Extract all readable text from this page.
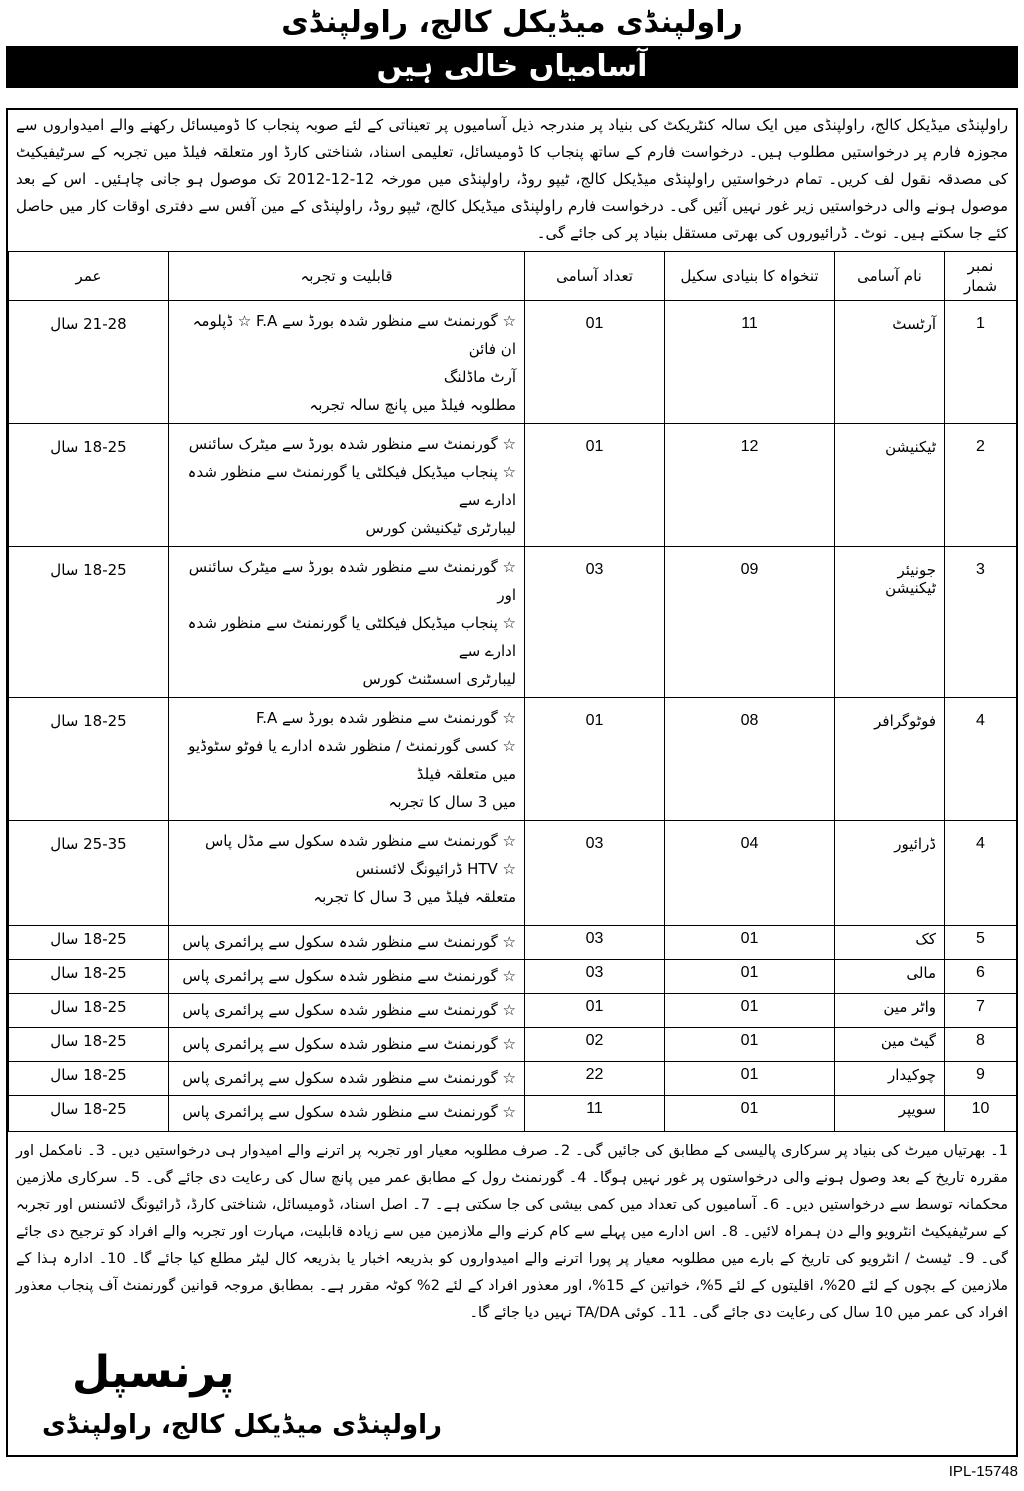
راولپنڈی میڈیکل کالج، راولپنڈی
آسامیاں خالی ہیں
راولپنڈی میڈیکل کالج، راولپنڈی میں ایک سالہ کنٹریکٹ کی بنیاد پر مندرجہ ذیل آسامیوں پر تعیناتی کے لئے صوبہ پنجاب کا ڈومیسائل رکھنے والے امیدواروں سے مجوزہ فارم پر درخواستیں مطلوب ہیں۔ درخواست فارم کے ساتھ پنجاب کا ڈومیسائل، تعلیمی اسناد، شناختی کارڈ اور متعلقہ فیلڈ میں تجربہ کے سرٹیفیکیٹ کی مصدقہ نقول لف کریں۔ تمام درخواستیں راولپنڈی میڈیکل کالج، ٹیپو روڈ، راولپنڈی میں مورخہ 12-12-2012 تک موصول ہو جانی چاہئیں۔ اس کے بعد موصول ہونے والی درخواستیں زیر غور نہیں آئیں گی۔ درخواست فارم راولپنڈی میڈیکل کالج، ٹیپو روڈ، راولپنڈی کے مین آفس سے دفتری اوقات کار میں حاصل کئے جا سکتے ہیں۔ نوٹ۔ ڈرائیوروں کی بھرتی مستقل بنیاد پر کی جائے گی۔
نمبر شمار	نام آسامی	تنخواہ کا بنیادی سکیل	تعداد آسامی	قابلیت و تجربہ	عمر
1	آرٹسٹ	11	01	☆ گورنمنٹ سے منظور شدہ بورڈ سے F.A ☆ ڈپلومہ ان فائن
آرٹ ماڈلنگ
مطلوبہ فیلڈ میں پانچ سالہ تجربہ	21-28 سال
2	ٹیکنیشن	12	01	☆ گورنمنٹ سے منظور شدہ بورڈ سے میٹرک سائنس
☆ پنجاب میڈیکل فیکلٹی یا گورنمنٹ سے منظور شدہ ادارے سے
لیبارٹری ٹیکنیشن کورس	18-25 سال
3	جونیئر ٹیکنیشن	09	03	☆ گورنمنٹ سے منظور شدہ بورڈ سے میٹرک سائنس اور
☆ پنجاب میڈیکل فیکلٹی یا گورنمنٹ سے منظور شدہ ادارے سے
لیبارٹری اسسٹنٹ کورس	18-25 سال
4	فوٹوگرافر	08	01	☆ گورنمنٹ سے منظور شدہ بورڈ سے F.A
☆ کسی گورنمنٹ / منظور شدہ ادارے یا فوٹو سٹوڈیو میں متعلقہ فیلڈ
میں 3 سال کا تجربہ	18-25 سال
4	ڈرائیور	04	03	☆ گورنمنٹ سے منظور شدہ سکول سے مڈل پاس
☆ HTV ڈرائیونگ لائسنس
متعلقہ فیلڈ میں 3 سال کا تجربہ	25-35 سال
5	کک	01	03	☆ گورنمنٹ سے منظور شدہ سکول سے پرائمری پاس	18-25 سال
6	مالی	01	03	☆ گورنمنٹ سے منظور شدہ سکول سے پرائمری پاس	18-25 سال
7	واٹر مین	01	01	☆ گورنمنٹ سے منظور شدہ سکول سے پرائمری پاس	18-25 سال
8	گیٹ مین	01	02	☆ گورنمنٹ سے منظور شدہ سکول سے پرائمری پاس	18-25 سال
9	چوکیدار	01	22	☆ گورنمنٹ سے منظور شدہ سکول سے پرائمری پاس	18-25 سال
10	سویپر	01	11	☆ گورنمنٹ سے منظور شدہ سکول سے پرائمری پاس	18-25 سال
1۔ بھرتیاں میرٹ کی بنیاد پر سرکاری پالیسی کے مطابق کی جائیں گی۔ 2۔ صرف مطلوبہ معیار اور تجربہ پر اترنے والے امیدوار ہی درخواستیں دیں۔ 3۔ نامکمل اور مقررہ تاریخ کے بعد وصول ہونے والی درخواستوں پر غور نہیں ہوگا۔ 4۔ گورنمنٹ رول کے مطابق عمر میں پانچ سال کی رعایت دی جائے گی۔ 5۔ سرکاری ملازمین محکمانہ توسط سے درخواستیں دیں۔ 6۔ آسامیوں کی تعداد میں کمی بیشی کی جا سکتی ہے۔ 7۔ اصل اسناد، ڈومیسائل، شناختی کارڈ، ڈرائیونگ لائسنس اور تجربہ کے سرٹیفیکیٹ انٹرویو والے دن ہمراہ لائیں۔ 8۔ اس ادارے میں پہلے سے کام کرنے والے ملازمین میں سے زیادہ قابلیت، مہارت اور تجربہ والے افراد کو ترجیح دی جائے گی۔ 9۔ ٹیسٹ / انٹرویو کی تاریخ کے بارے میں مطلوبہ معیار پر پورا اترنے والے امیدواروں کو بذریعہ اخبار یا بذریعہ کال لیٹر مطلع کیا جائے گا۔ 10۔ ادارہ ہذا کے ملازمین کے بچوں کے لئے 20%، اقلیتوں کے لئے 5%، خواتین کے 15%، اور معذور افراد کے لئے 2% کوٹہ مقرر ہے۔ بمطابق مروجہ قوانین گورنمنٹ آف پنجاب معذور افراد کی عمر میں 10 سال کی رعایت دی جائے گی۔ 11۔ کوئی TA/DA نہیں دیا جائے گا۔
پرنسپل
راولپنڈی میڈیکل کالج، راولپنڈی
IPL-15748
